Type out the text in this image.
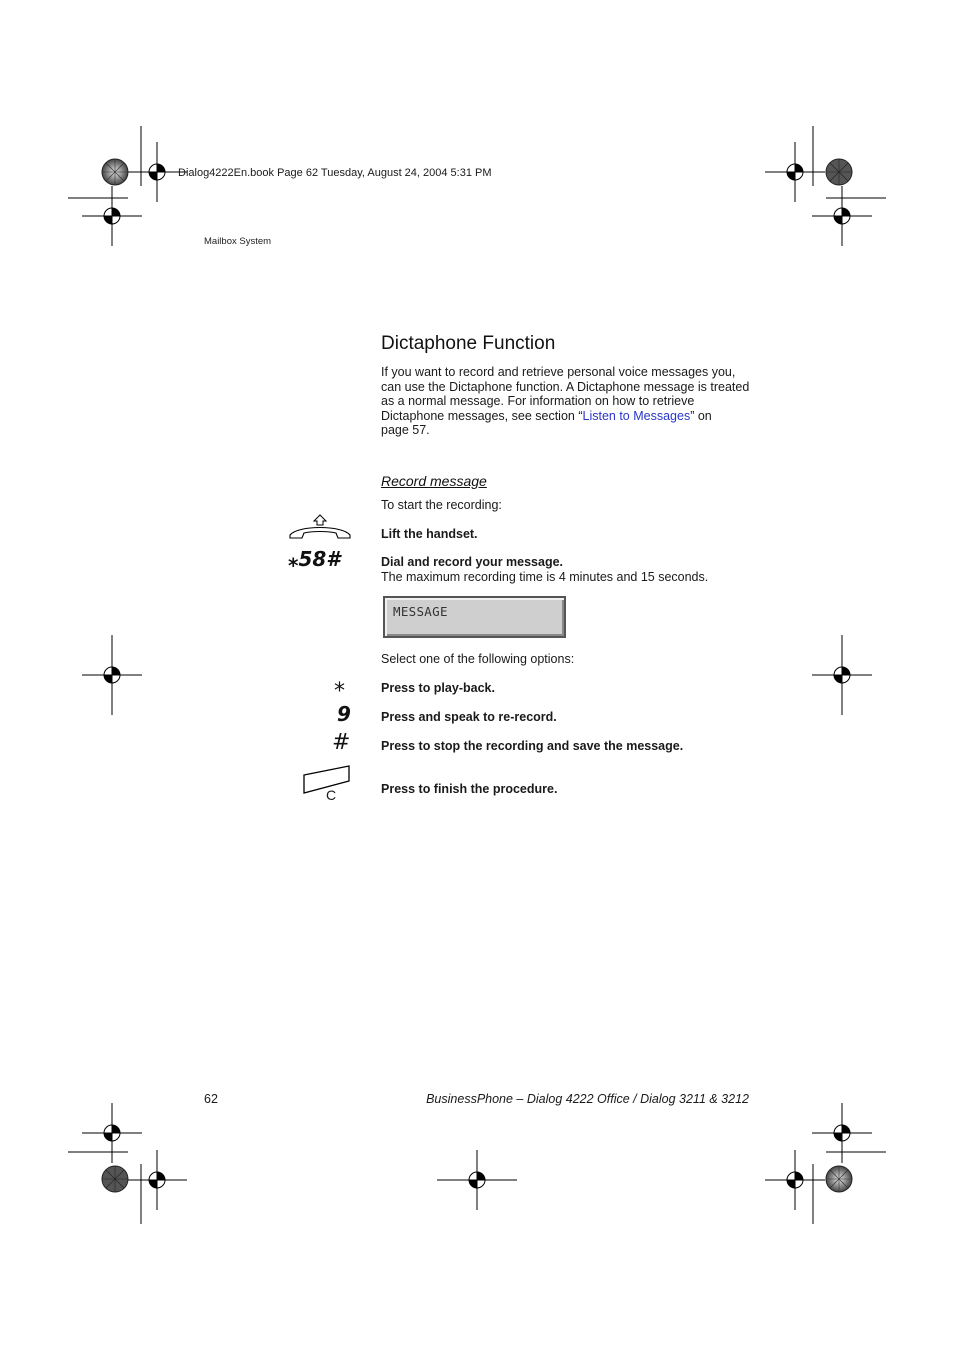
Dialog4222En.book Page 62 Tuesday, August 24, 2004 5:31 PM
Mailbox System
Dictaphone Function
If you want to record and retrieve personal voice messages you,
can use the Dictaphone function. A Dictaphone message is treated
as a normal message. For information on how to retrieve
Dictaphone messages, see section “Listen to Messages” on
page 57.
Record message
To start the recording:
Lift the handset.
⁎58#	Dial and record your message.
The maximum recording time is 4 minutes and 15 seconds.
MESSAGE
Select one of the following options:
⁎	Press to play-back.
9 Press and speak to re-record.
# Press to stop the recording and save the message.
C	Press to finish the procedure.
62	BusinessPhone – Dialog 4222 Office / Dialog 3211 & 3212
